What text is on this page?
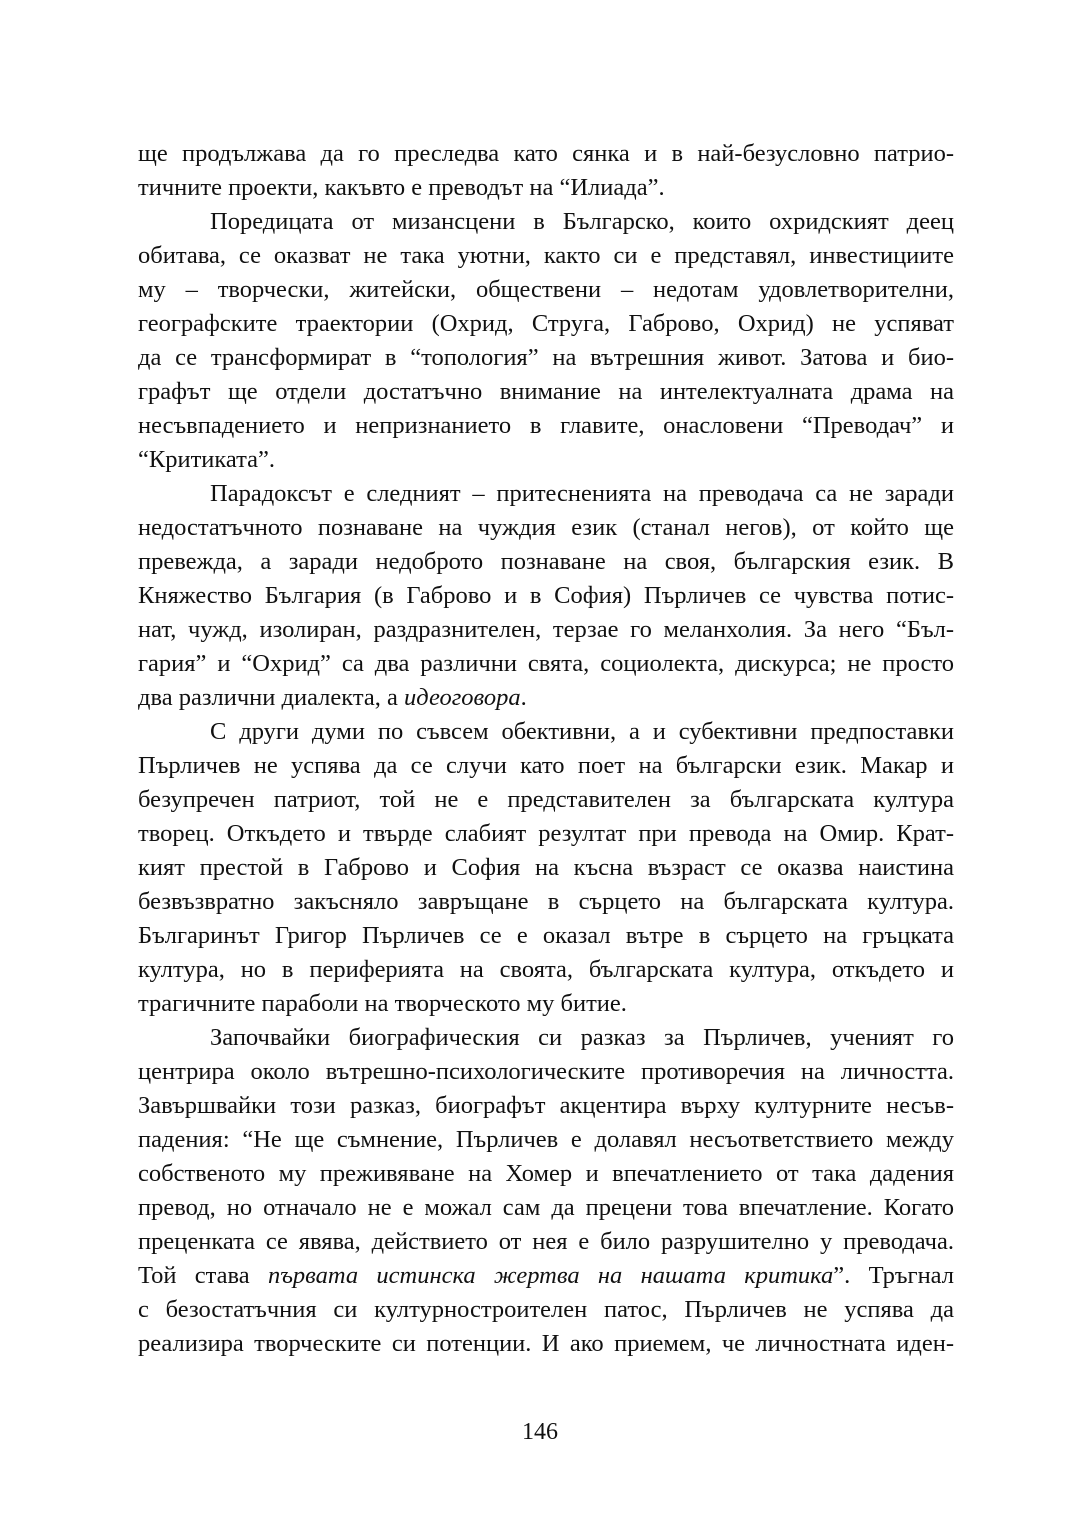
ще продължава да го преследва като сянка и в най-безусловно патрио-
тичните проекти, какъвто е преводът на “Илиада”.
Поредицата от мизансцени в Българско, които охридският деец
обитава, се оказват не така уютни, както си е представял, инвестициите
му – творчески, житейски, обществени – недотам удовлетворителни,
географските траектории (Охрид, Струга, Габрово, Охрид) не успяват
да се трансформират в “топология” на вътрешния живот. Затова и био-
графът ще отдели достатъчно внимание на интелектуалната драма на
несъвпадението и непризнанието в главите, онасловени “Преводач” и
“Критиката”.
Парадоксът е следният – притесненията на преводача са не заради
недостатъчното познаване на чуждия език (станал негов), от който ще
превежда, а заради недоброто познаване на своя, българския език. В
Княжество България (в Габрово и в София) Пърличев се чувства потис-
нат, чужд, изолиран, раздразнителен, терзае го меланхолия. За него “Бъл-
гария” и “Охрид” са два различни свята, социолекта, дискурса; не просто
два различни диалекта, а идеоговора.
С други думи по съвсем обективни, а и субективни предпоставки
Пърличев не успява да се случи като поет на български език. Макар и
безупречен патриот, той не е представителен за българската култура
творец. Откъдето и твърде слабият резултат при превода на Омир. Крат-
кият престой в Габрово и София на късна възраст се оказва наистина
безвъзвратно закъсняло завръщане в сърцето на българската култура.
Българинът Григор Пърличев се е оказал вътре в сърцето на гръцката
култура, но в периферията на своята, българската култура, откъдето и
трагичните параболи на творческото му битие.
Започвайки биографическия си разказ за Пърличев, ученият го
центрира около вътрешно-психологическите противоречия на личността.
Завършвайки този разказ, биографът акцентира върху културните несъв-
падения: “Не ще съмнение, Пърличев е долавял несъответствието между
собственото му преживяване на Хомер и впечатлението от така дадения
превод, но отначало не е можал сам да прецени това впечатление. Когато
преценката се явява, действието от нея е било разрушително у преводача.
Той става първата истинска жертва на нашата критика”. Тръгнал
с безостатъчния си културностроителен патос, Пърличев не успява да
реализира творческите си потенции. И ако приемем, че личностната иден-
146
